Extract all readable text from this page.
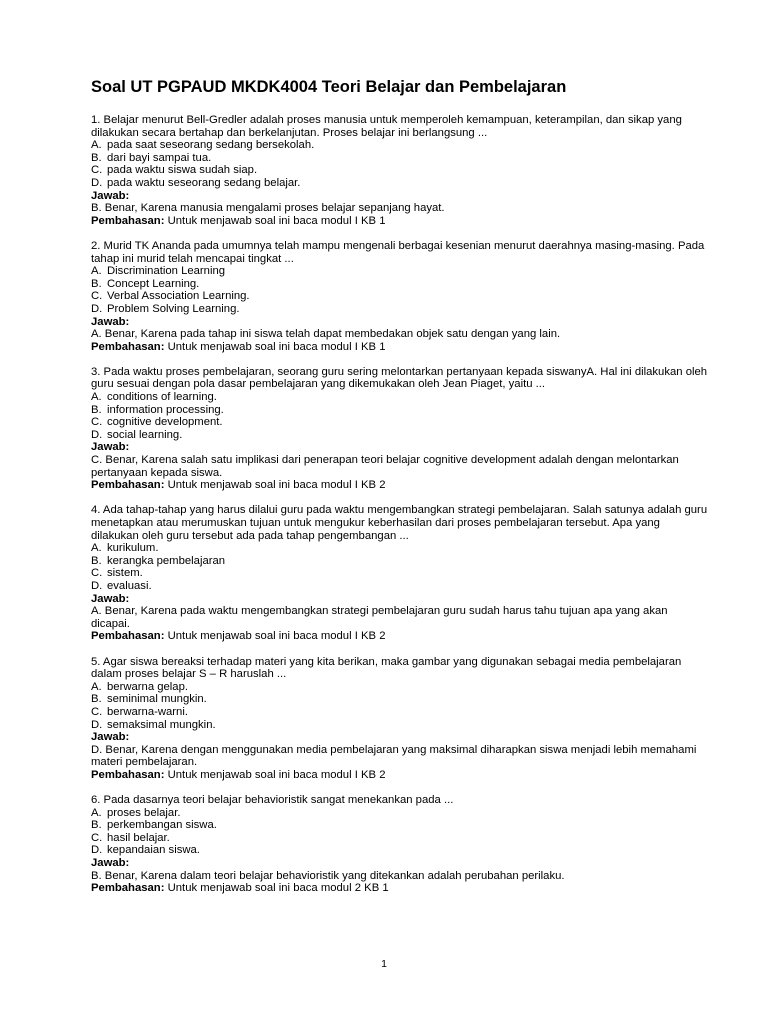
Soal UT PGPAUD MKDK4004 Teori Belajar dan Pembelajaran

1. Belajar menurut Bell-Gredler adalah proses manusia untuk memperoleh kemampuan, keterampilan, dan sikap yang dilakukan secara bertahap dan berkelanjutan. Proses belajar ini berlangsung ...

A. pada saat seseorang sedang bersekolah.
B. dari bayi sampai tua.
C. pada waktu siswa sudah siap.
D. pada waktu seseorang sedang belajar.
Jawab:
B. Benar, Karena manusia mengalami proses belajar sepanjang hayat.
Pembahasan: Untuk menjawab soal ini baca modul I KB 1

2. Murid TK Ananda pada umumnya telah mampu mengenali berbagai kesenian menurut daerahnya masing-masing. Pada tahap ini murid telah mencapai tingkat ...

A. Discrimination Learning
B. Concept Learning.
C. Verbal Association Learning.
D. Problem Solving Learning.
Jawab:
A. Benar, Karena pada tahap ini siswa telah dapat membedakan objek satu dengan yang lain.
Pembahasan: Untuk menjawab soal ini baca modul I KB 1

3. Pada waktu proses pembelajaran, seorang guru sering melontarkan pertanyaan kepada siswanyA. Hal ini dilakukan oleh guru sesuai dengan pola dasar pembelajaran yang dikemukakan oleh Jean Piaget, yaitu ...

A. conditions of learning.
B. information processing.
C. cognitive development.
D. social learning.
Jawab:
C. Benar, Karena salah satu implikasi dari penerapan teori belajar cognitive development adalah dengan melontarkan pertanyaan kepada siswa.
Pembahasan: Untuk menjawab soal ini baca modul I KB 2

4. Ada tahap-tahap yang harus dilalui guru pada waktu mengembangkan strategi pembelajaran. Salah satunya adalah guru menetapkan atau merumuskan tujuan untuk mengukur keberhasilan dari proses pembelajaran tersebut. Apa yang dilakukan oleh guru tersebut ada pada tahap pengembangan ...

A. kurikulum.
B. kerangka pembelajaran
C. sistem.
D. evaluasi.
Jawab:
A. Benar, Karena pada waktu mengembangkan strategi pembelajaran guru sudah harus tahu tujuan apa yang akan dicapai.
Pembahasan: Untuk menjawab soal ini baca modul I KB 2

5. Agar siswa bereaksi terhadap materi yang kita berikan, maka gambar yang digunakan sebagai media pembelajaran dalam proses belajar S – R haruslah ...

A. berwarna gelap.
B. seminimal mungkin.
C. berwarna-warni.
D. semaksimal mungkin.
Jawab:
D. Benar, Karena dengan menggunakan media pembelajaran yang maksimal diharapkan siswa menjadi lebih memahami materi pembelajaran.
Pembahasan: Untuk menjawab soal ini baca modul I KB 2

6. Pada dasarnya teori belajar behavioristik sangat menekankan pada ...

A. proses belajar.
B. perkembangan siswa.
C. hasil belajar.
D. kepandaian siswa.
Jawab:
B. Benar, Karena dalam teori belajar behavioristik yang ditekankan adalah perubahan perilaku.
Pembahasan: Untuk menjawab soal ini baca modul 2 KB 1
1
